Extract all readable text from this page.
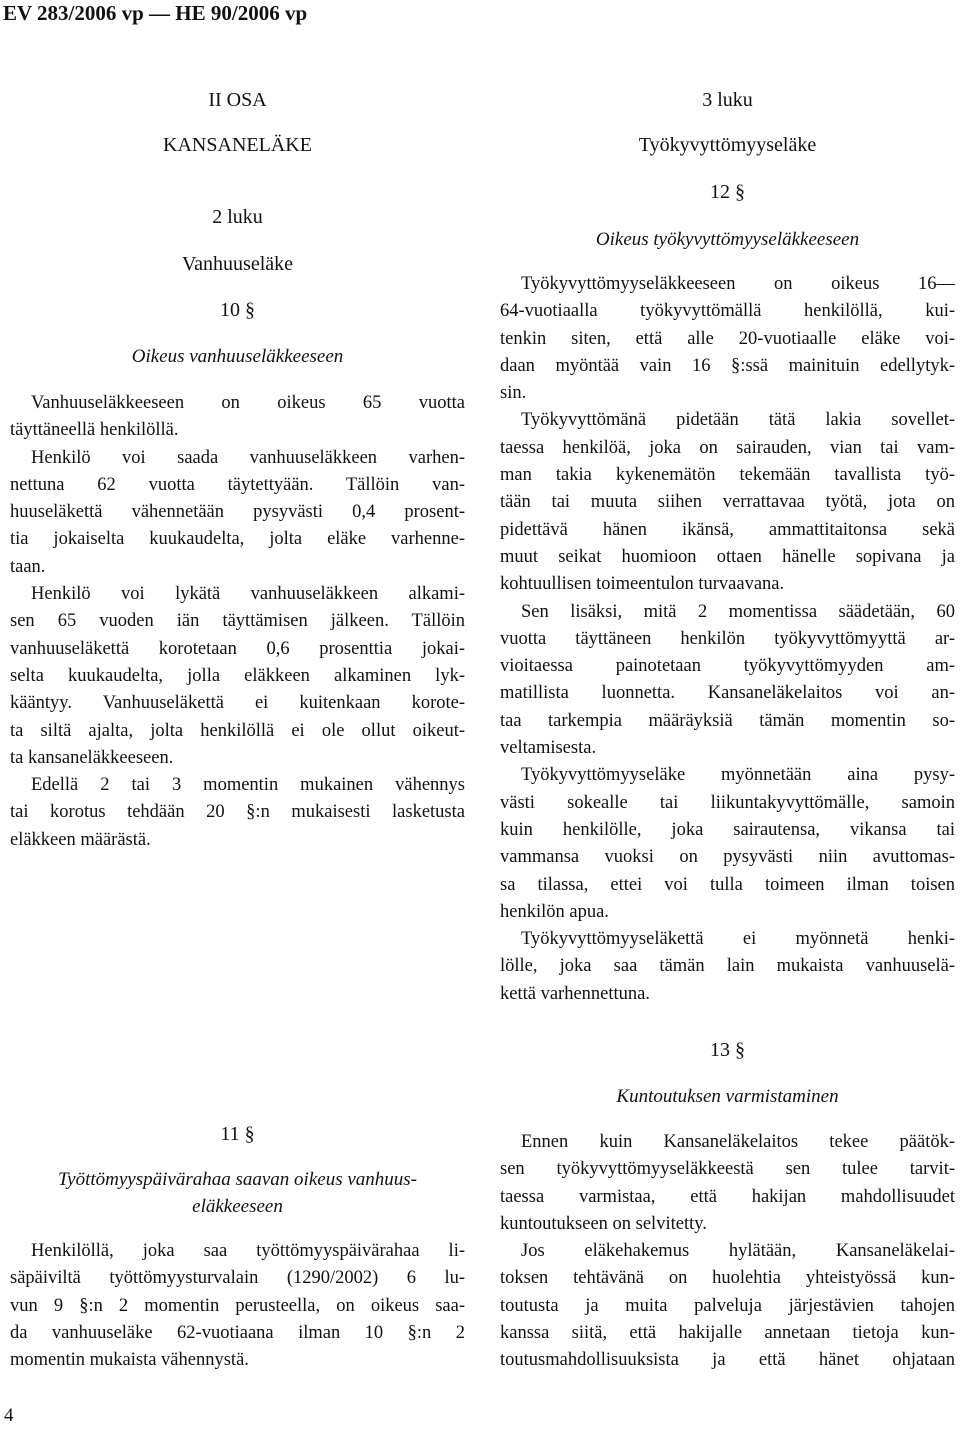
EV 283/2006 vp — HE 90/2006 vp
II OSA
KANSANELÄKE
2 luku
Vanhuuseläke
10 §
Oikeus vanhuuseläkkeeseen
Vanhuuseläkkeeseen on oikeus 65 vuotta
täyttäneellä henkilöllä.
Henkilö voi saada vanhuuseläkkeen varhen-
nettuna 62 vuotta täytettyään. Tällöin van-
huuseläkettä vähennetään pysyvästi 0,4 prosent-
tia jokaiselta kuukaudelta, jolta eläke varhenne-
taan.
Henkilö voi lykätä vanhuuseläkkeen alkami-
sen 65 vuoden iän täyttämisen jälkeen. Tällöin
vanhuuseläkettä korotetaan 0,6 prosenttia jokai-
selta kuukaudelta, jolla eläkkeen alkaminen lyk-
kääntyy. Vanhuuseläkettä ei kuitenkaan korote-
ta siltä ajalta, jolta henkilöllä ei ole ollut oikeut-
ta kansaneläkkeeseen.
Edellä 2 tai 3 momentin mukainen vähennys
tai korotus tehdään 20 §:n mukaisesti lasketusta
eläkkeen määrästä.
11 §
Työttömyyspäivärahaa saavan oikeus vanhuus-
eläkkeeseen
Henkilöllä, joka saa työttömyyspäivärahaa li-
säpäiviltä työttömyysturvalain (1290/2002) 6 lu-
vun 9 §:n 2 momentin perusteella, on oikeus saa-
da vanhuuseläke 62-vuotiaana ilman 10 §:n 2
momentin mukaista vähennystä.
3 luku
Työkyvyttömyyseläke
12 §
Oikeus työkyvyttömyyseläkkeeseen
Työkyvyttömyyseläkkeeseen on oikeus 16—
64-vuotiaalla työkyvyttömällä henkilöllä, kui-
tenkin siten, että alle 20-vuotiaalle eläke voi-
daan myöntää vain 16 §:ssä mainituin edellytyk-
sin.
Työkyvyttömänä pidetään tätä lakia sovellet-
taessa henkilöä, joka on sairauden, vian tai vam-
man takia kykenemätön tekemään tavallista työ-
tään tai muuta siihen verrattavaa työtä, jota on
pidettävä hänen ikänsä, ammattitaitonsa sekä
muut seikat huomioon ottaen hänelle sopivana ja
kohtuullisen toimeentulon turvaavana.
Sen lisäksi, mitä 2 momentissa säädetään, 60
vuotta täyttäneen henkilön työkyvyttömyyttä ar-
vioitaessa painotetaan työkyvyttömyyden am-
matillista luonnetta. Kansaneläkelaitos voi an-
taa tarkempia määräyksiä tämän momentin so-
veltamisesta.
Työkyvyttömyyseläke myönnetään aina pysy-
västi sokealle tai liikuntakyvyttömälle, samoin
kuin henkilölle, joka sairautensa, vikansa tai
vammansa vuoksi on pysyvästi niin avuttomas-
sa tilassa, ettei voi tulla toimeen ilman toisen
henkilön apua.
Työkyvyttömyyseläkettä ei myönnetä henki-
lölle, joka saa tämän lain mukaista vanhuuselä-
kettä varhennettuna.
13 §
Kuntoutuksen varmistaminen
Ennen kuin Kansaneläkelaitos tekee päätök-
sen työkyvyttömyyseläkkeestä sen tulee tarvit-
taessa varmistaa, että hakijan mahdollisuudet
kuntoutukseen on selvitetty.
Jos eläkehakemus hylätään, Kansaneläkelai-
toksen tehtävänä on huolehtia yhteistyössä kun-
toutusta ja muita palveluja järjestävien tahojen
kanssa siitä, että hakijalle annetaan tietoja kun-
toutusmahdollisuuksista ja että hänet ohjataan
4
